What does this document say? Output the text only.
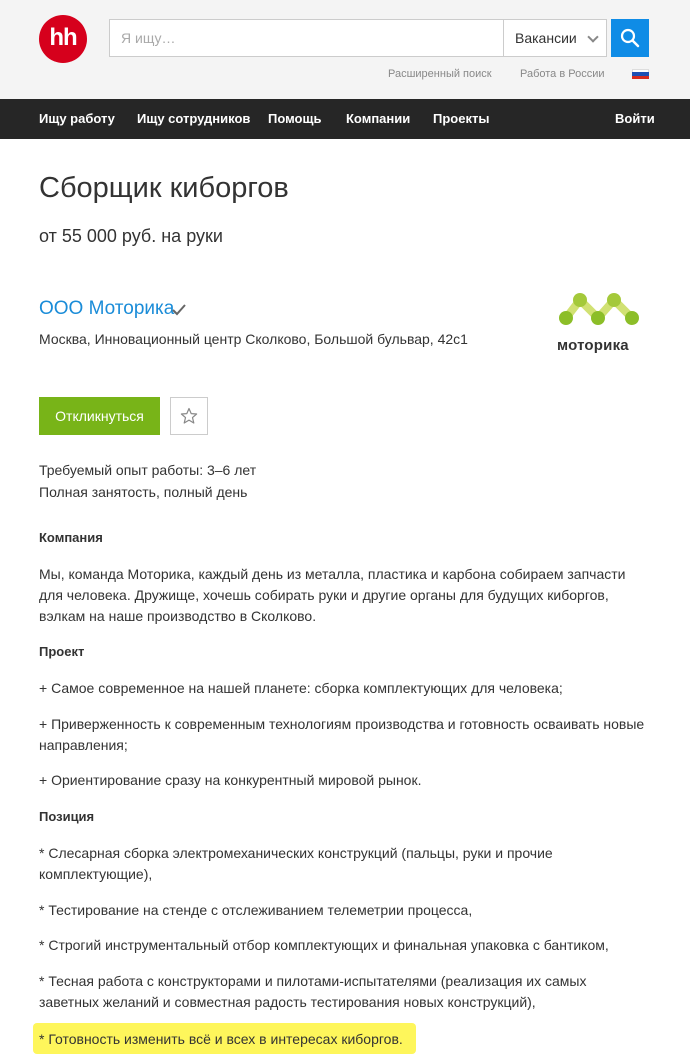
hh
Я ищу…	Вакансии
Расширенный поиск	Работа в России
Ищу работу Ищу сотрудников Помощь Компании Проекты	Войти
Сборщик киборгов
от 55 000 руб. на руки
ООО Моторика
Москва, Инновационный центр Сколково, Большой бульвар, 42с1	моторика
Откликнуться
Требуемый опыт работы: 3–6 лет
Полная занятость, полный день
Компания
Мы, команда Моторика, каждый день из металла, пластика и карбона собираем запчасти
для человека. Дружище, хочешь собирать руки и другие органы для будущих киборгов,
вэлкам на наше производство в Сколково.
Проект
+ Самое современное на нашей планете: сборка комплектующих для человека;
+ Приверженность к современным технологиям производства и готовность осваивать новые
направления;
+ Ориентирование сразу на конкурентный мировой рынок.
Позиция
* Слесарная сборка электромеханических конструкций (пальцы, руки и прочие
комплектующие),
* Тестирование на стенде с отслеживанием телеметрии процесса,
* Строгий инструментальный отбор комплектующих и финальная упаковка с бантиком,
* Тесная работа с конструкторами и пилотами-испытателями (реализация их самых
заветных желаний и совместная радость тестирования новых конструкций),
* Готовность изменить всё и всех в интересах киборгов.
